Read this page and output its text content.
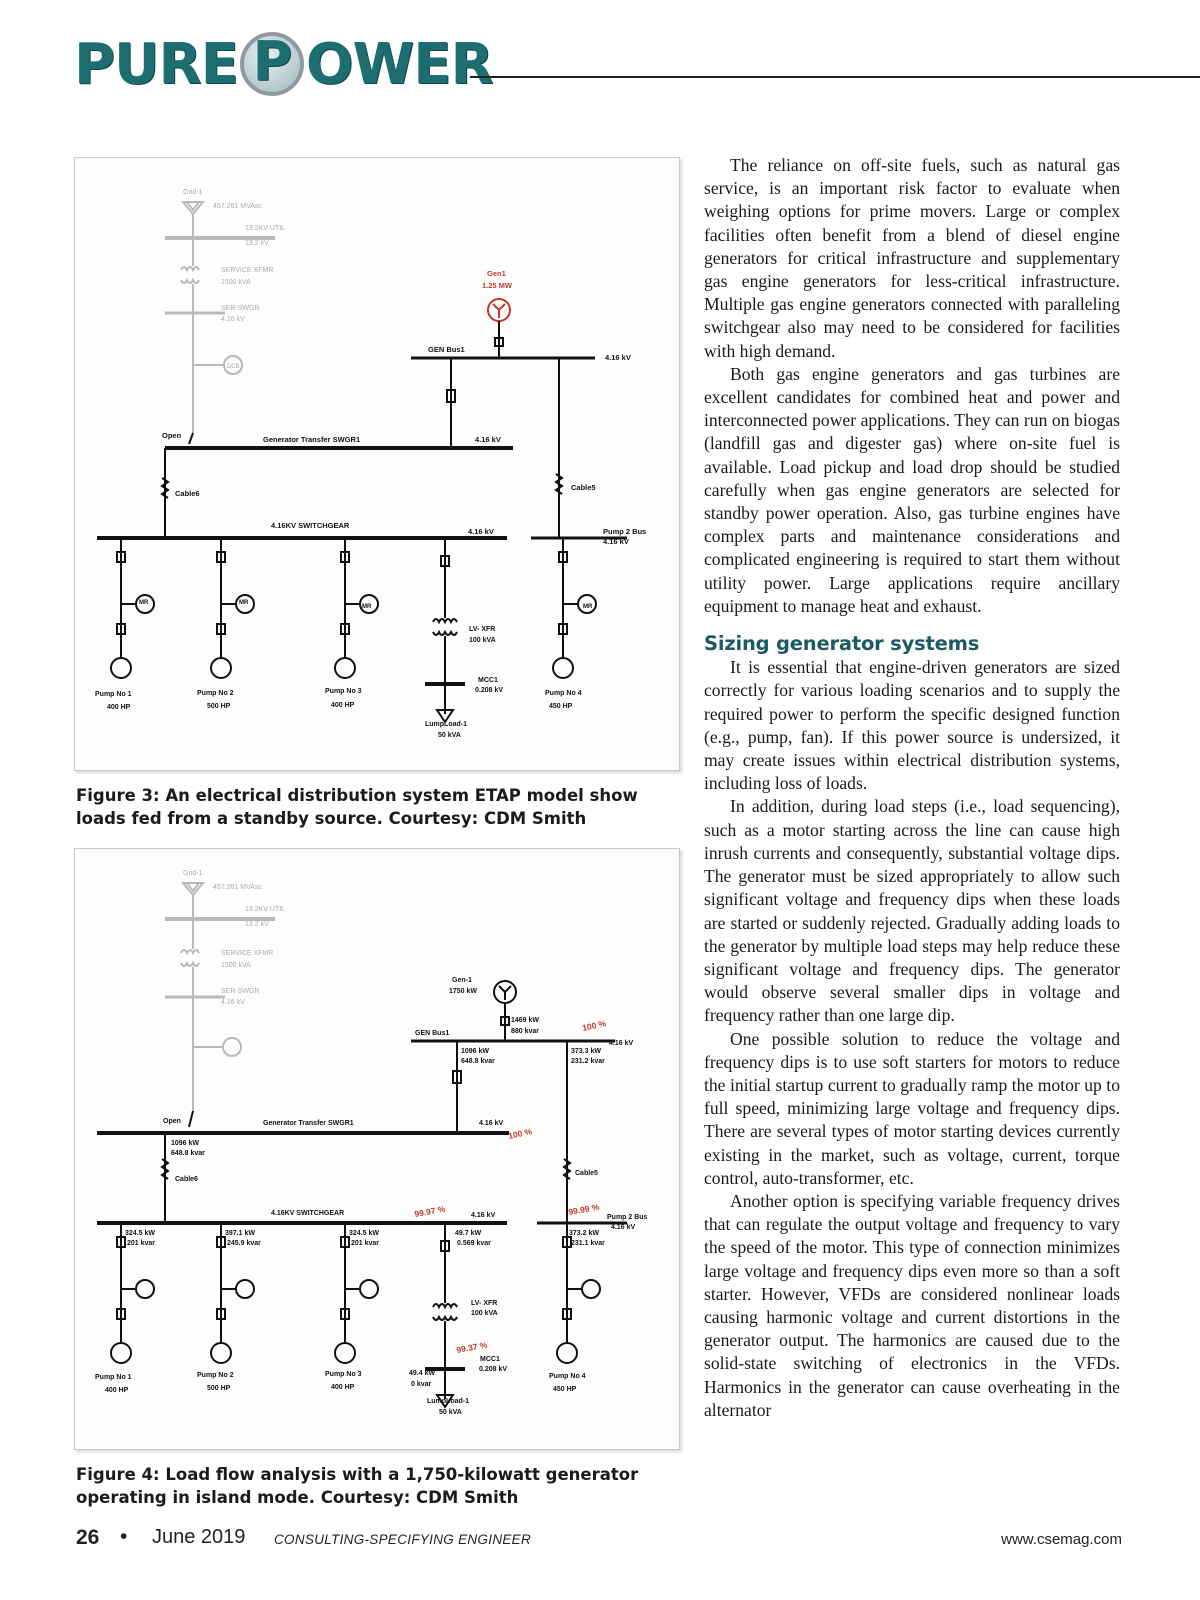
PURE P OWER
Grid-1
457.261 MVAsc
13.2KV UTIL
13.2 kV
SERVICE XFMR
1500 kVA
SER-SWGR
4.16 kV
DCB
Gen1
1.25 MW
GEN Bus1
4.16 kV
Open	Generator Transfer SWGR1	4.16 kV
Cable6
Cable5
4.16KV SWITCHGEAR
4.16 kV	Pump 2 Bus
4.16 kV
Pump No 1
400 HP
Pump No 2
500 HP
Pump No 3
400 HP
Pump No 4
450 HP
LV- XFR
100 kVA
MCC1
0.208 kV
LumpLoad-1
50 kVA
MR	MR
MR	MR
Figure 3: An electrical distribution system ETAP model show loads fed from a standby source. Courtesy: CDM Smith
Grid-1
457.261 MVAsc
13.2KV UTIL
13.2 kV
SERVICE XFMR
1500 kVA
SER-SWGR
4.16 kV
Gen-1
1750 kW
1469 kW
880 kvar
GEN Bus1
100 %
4.16 kV
1096 kW
648.8 kvar
373.3 kW
231.2 kvar
Open	Generator Transfer SWGR1	4.16 kV
100 %
1096 kW
648.8 kvar
Cable6
Cable5
4.16KV SWITCHGEAR	99.97 %	4.16 kV	99.99 %
Pump 2 Bus
4.16 kV
324.5 kW
201 kvar
397.1 kW
245.9 kvar
324.5 kW
201 kvar
49.7 kW
0.569 kvar
373.2 kW
231.1 kvar
LV- XFR
100 kVA
99.37 %
MCC1
0.208 kV
49.4 kW
0 kvar
LumpLoad-1
50 kVA
Pump No 1
400 HP
Pump No 2
500 HP
Pump No 3
400 HP
Pump No 4
450 HP
Figure 4: Load flow analysis with a 1,750-kilowatt generator operating in island mode. Courtesy: CDM Smith

The reliance on off-site fuels, such as natural gas service, is an important risk factor to evaluate when weighing options for prime movers. Large or complex facilities often benefit from a blend of diesel engine generators for critical infrastructure and supplementary gas engine generators for less-critical infrastructure. Multiple gas engine generators connected with paralleling switchgear also may need to be considered for facilities with high demand.

Both gas engine generators and gas turbines are excellent candidates for combined heat and power and interconnected power applications. They can run on biogas (landfill gas and digester gas) where on-site fuel is available. Load pickup and load drop should be studied carefully when gas engine generators are selected for standby power operation. Also, gas turbine engines have complex parts and maintenance considerations and complicated engineering is required to start them without utility power. Large applications require ancillary equipment to manage heat and exhaust.

Sizing generator systems

It is essential that engine-driven generators are sized correctly for various loading scenarios and to supply the required power to perform the specific designed function (e.g., pump, fan). If this power source is undersized, it may create issues within electrical distribution systems, including loss of loads.

In addition, during load steps (i.e., load sequencing), such as a motor starting across the line can cause high inrush currents and consequently, substantial voltage dips. The generator must be sized appropriately to allow such significant voltage and frequency dips when these loads are started or suddenly rejected. Gradually adding loads to the generator by multiple load steps may help reduce these significant voltage and frequency dips. The generator would observe several smaller dips in voltage and frequency rather than one large dip.

One possible solution to reduce the voltage and frequency dips is to use soft starters for motors to reduce the initial startup current to gradually ramp the motor up to full speed, minimizing large voltage and frequency dips. There are several types of motor starting devices currently existing in the market, such as voltage, current, torque control, auto-transformer, etc.

Another option is specifying variable frequency drives that can regulate the output voltage and frequency to vary the speed of the motor. This type of connection minimizes large voltage and frequency dips even more so than a soft starter. However, VFDs are considered nonlinear loads causing harmonic voltage and current distortions in the generator output. The harmonics are caused due to the solid-state switching of electronics in the VFDs. Harmonics in the generator can cause overheating in the alternator

26 • June 2019 CONSULTING-SPECIFYING ENGINEER	www.csemag.com
